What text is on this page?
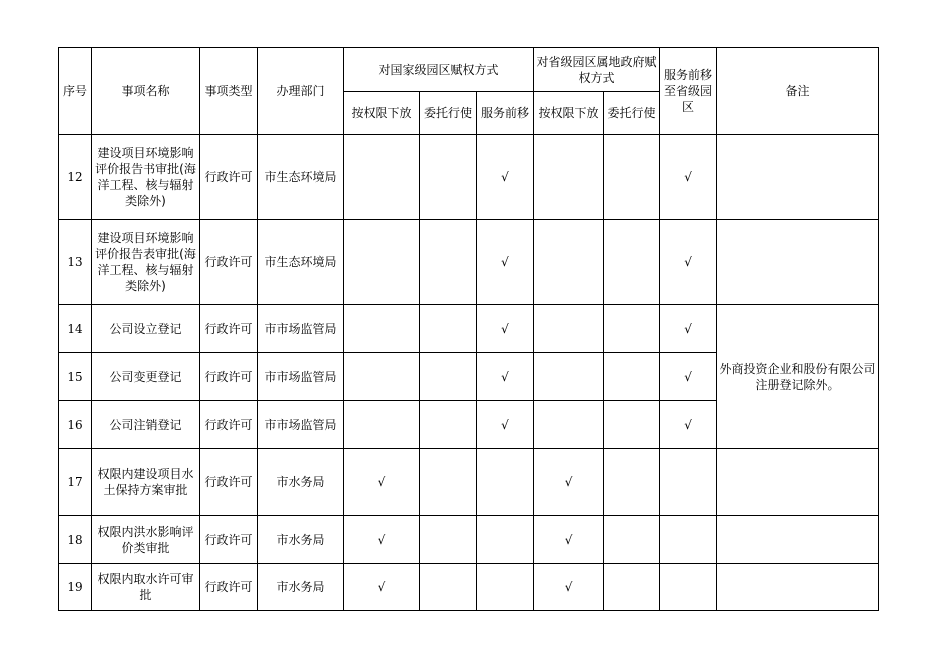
序号	事项名称	事项类型	办理部门	对国家级园区赋权方式			对省级园区属地政府赋权方式		服务前移至省级园区	备注
				按权限下放	委托行使	服务前移	按权限下放	委托行使		
12	建设项目环境影响评价报告书审批(海洋工程、核与辐射类除外)	行政许可	市生态环境局			√			√	
13	建设项目环境影响评价报告表审批(海洋工程、核与辐射类除外)	行政许可	市生态环境局			√			√	
14	公司设立登记	行政许可	市市场监管局			√			√	外商投资企业和股份有限公司注册登记除外。
15	公司变更登记	行政许可	市市场监管局			√			√	
16	公司注销登记	行政许可	市市场监管局			√			√	
17	权限内建设项目水土保持方案审批	行政许可	市水务局	√			√			
18	权限内洪水影响评价类审批	行政许可	市水务局	√			√			
19	权限内取水许可审批	行政许可	市水务局	√			√			
